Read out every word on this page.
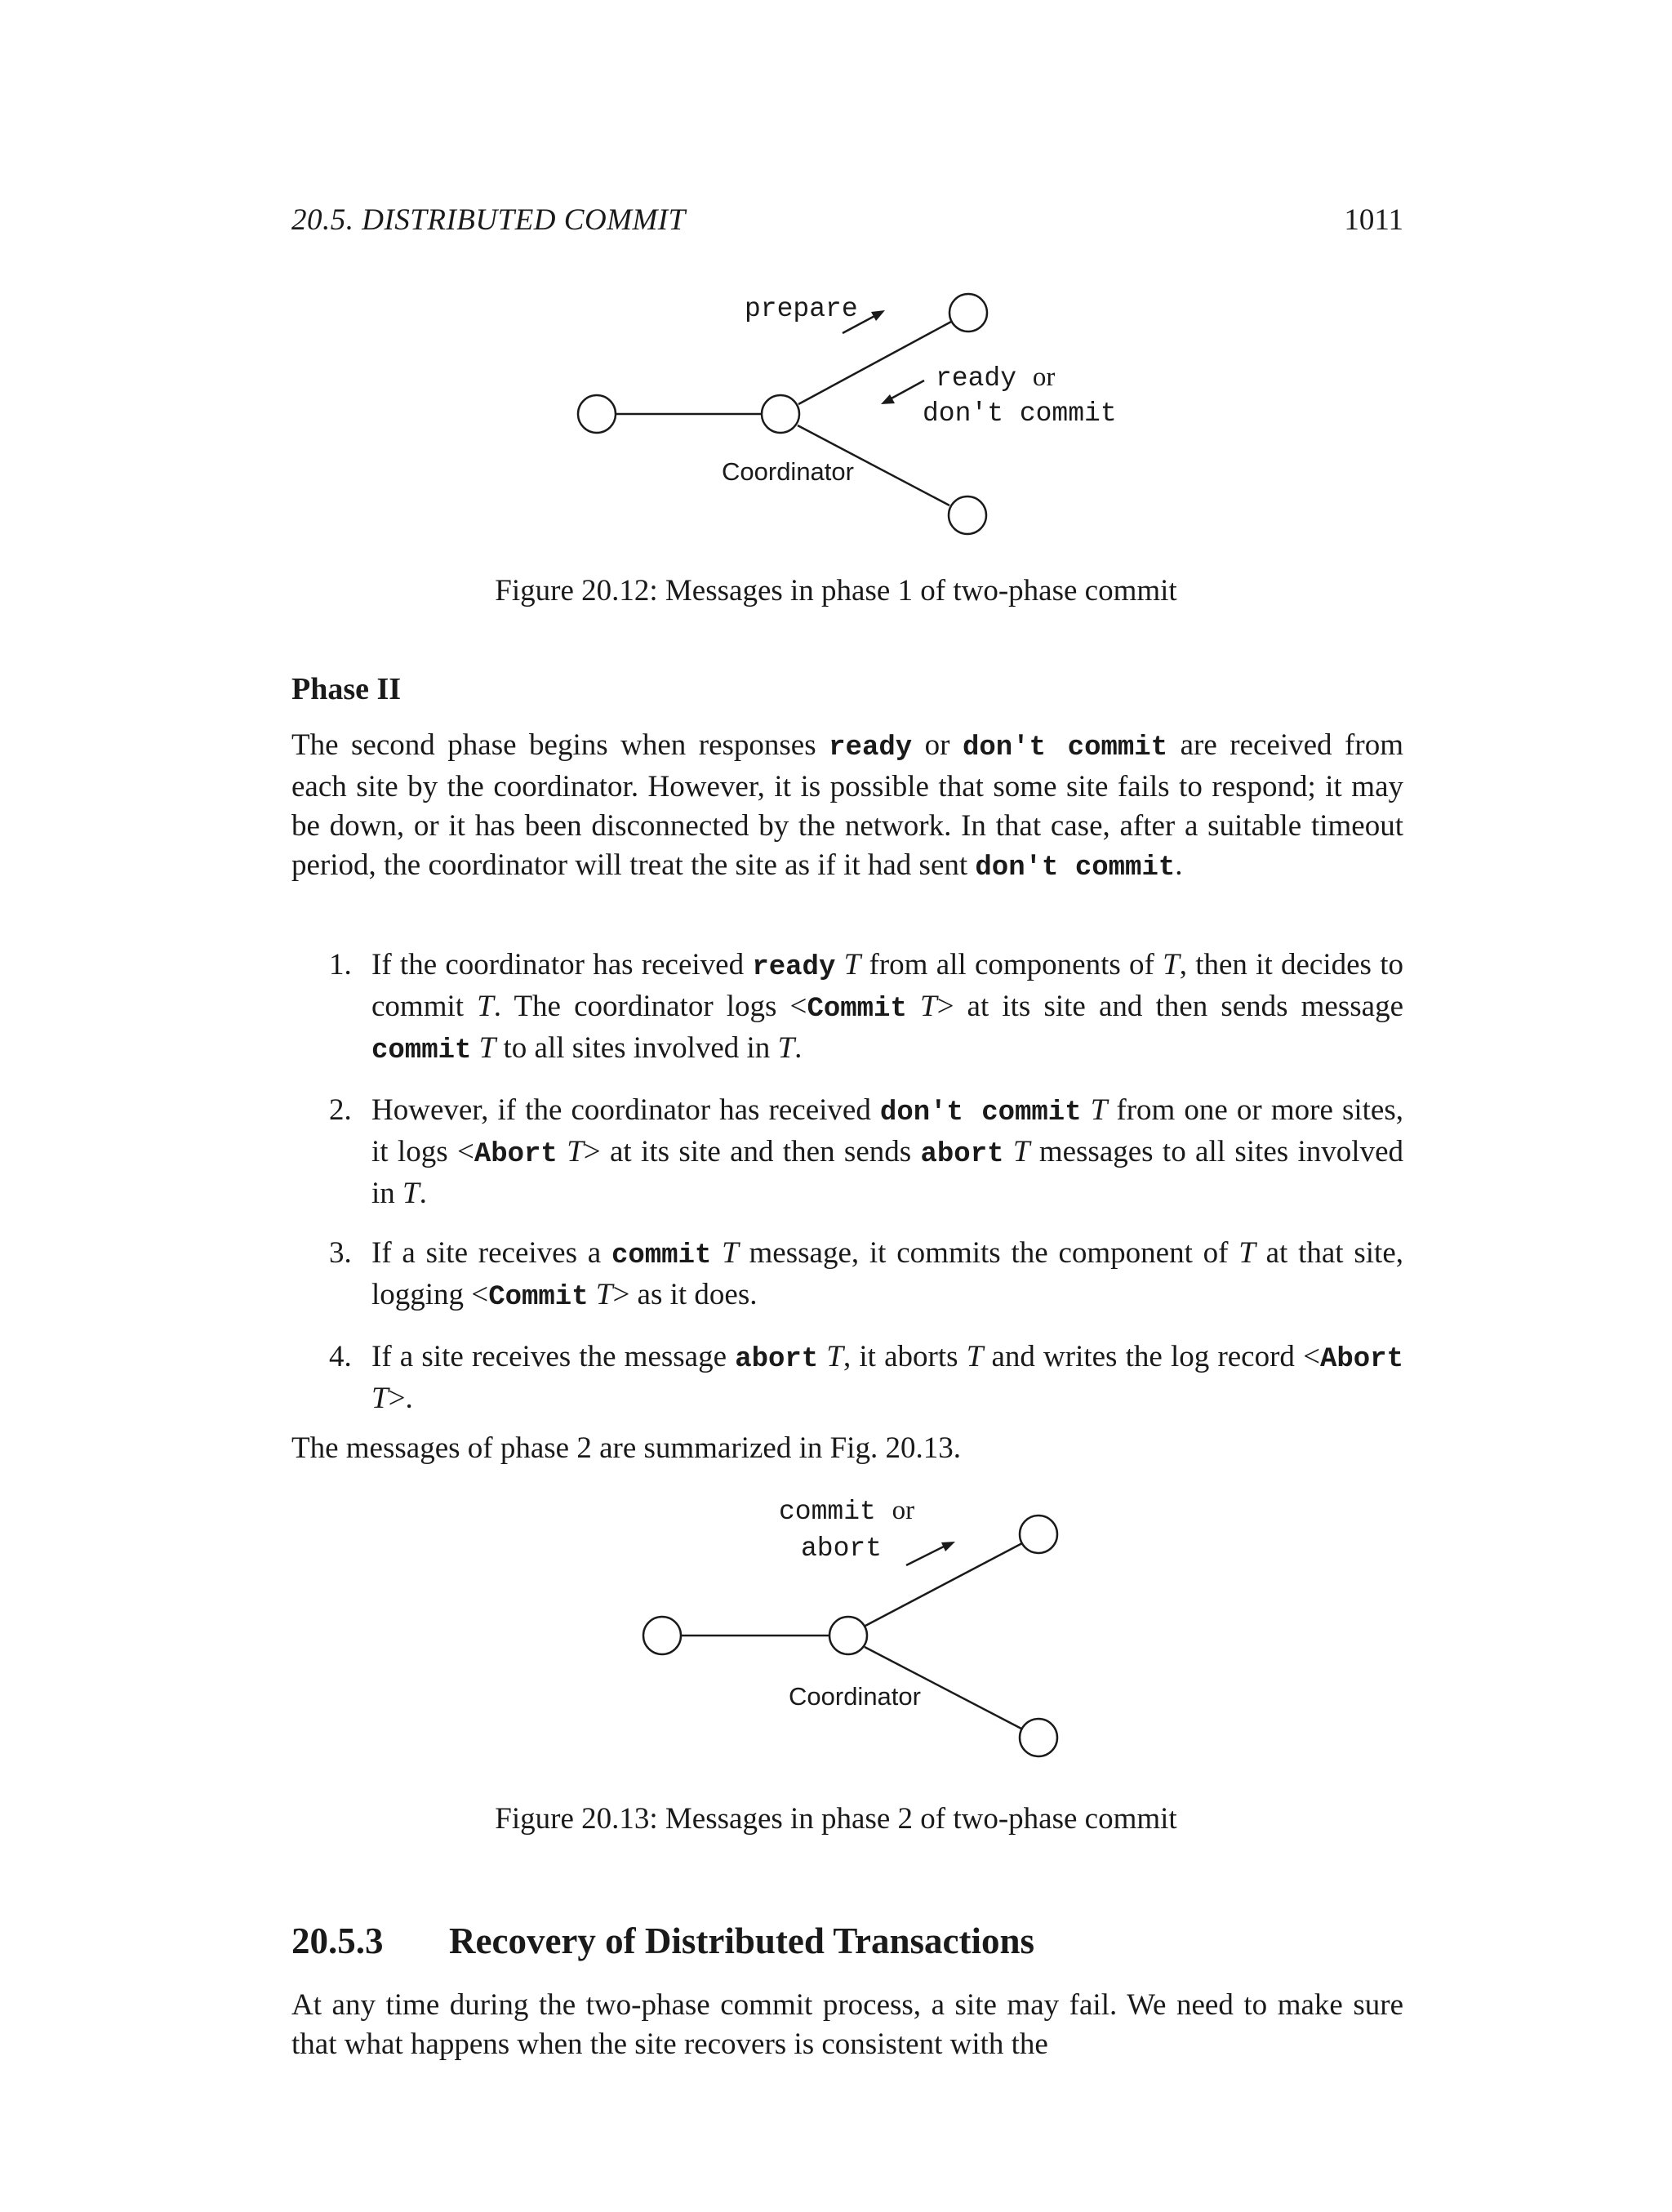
20.5. DISTRIBUTED COMMIT	1011
prepare
ready or
don't commit
Coordinator
Figure 20.12: Messages in phase 1 of two-phase commit
Phase II

The second phase begins when responses ready or don't commit are received from each site by the coordinator. However, it is possible that some site fails to respond; it may be down, or it has been disconnected by the network. In that case, after a suitable timeout period, the coordinator will treat the site as if it had sent don't commit.

1. If the coordinator has received ready T from all components of T, then it decides to commit T. The coordinator logs <Commit T> at its site and then sends message commit T to all sites involved in T.
2. However, if the coordinator has received don't commit T from one or more sites, it logs <Abort T> at its site and then sends abort T messages to all sites involved in T.
3. If a site receives a commit T message, it commits the component of T at that site, logging <Commit T> as it does.
4. If a site receives the message abort T, it aborts T and writes the log record <Abort T>.

The messages of phase 2 are summarized in Fig. 20.13.

commit or
abort
Coordinator
Figure 20.13: Messages in phase 2 of two-phase commit
20.5.3 Recovery of Distributed Transactions

At any time during the two-phase commit process, a site may fail. We need to make sure that what happens when the site recovers is consistent with the
